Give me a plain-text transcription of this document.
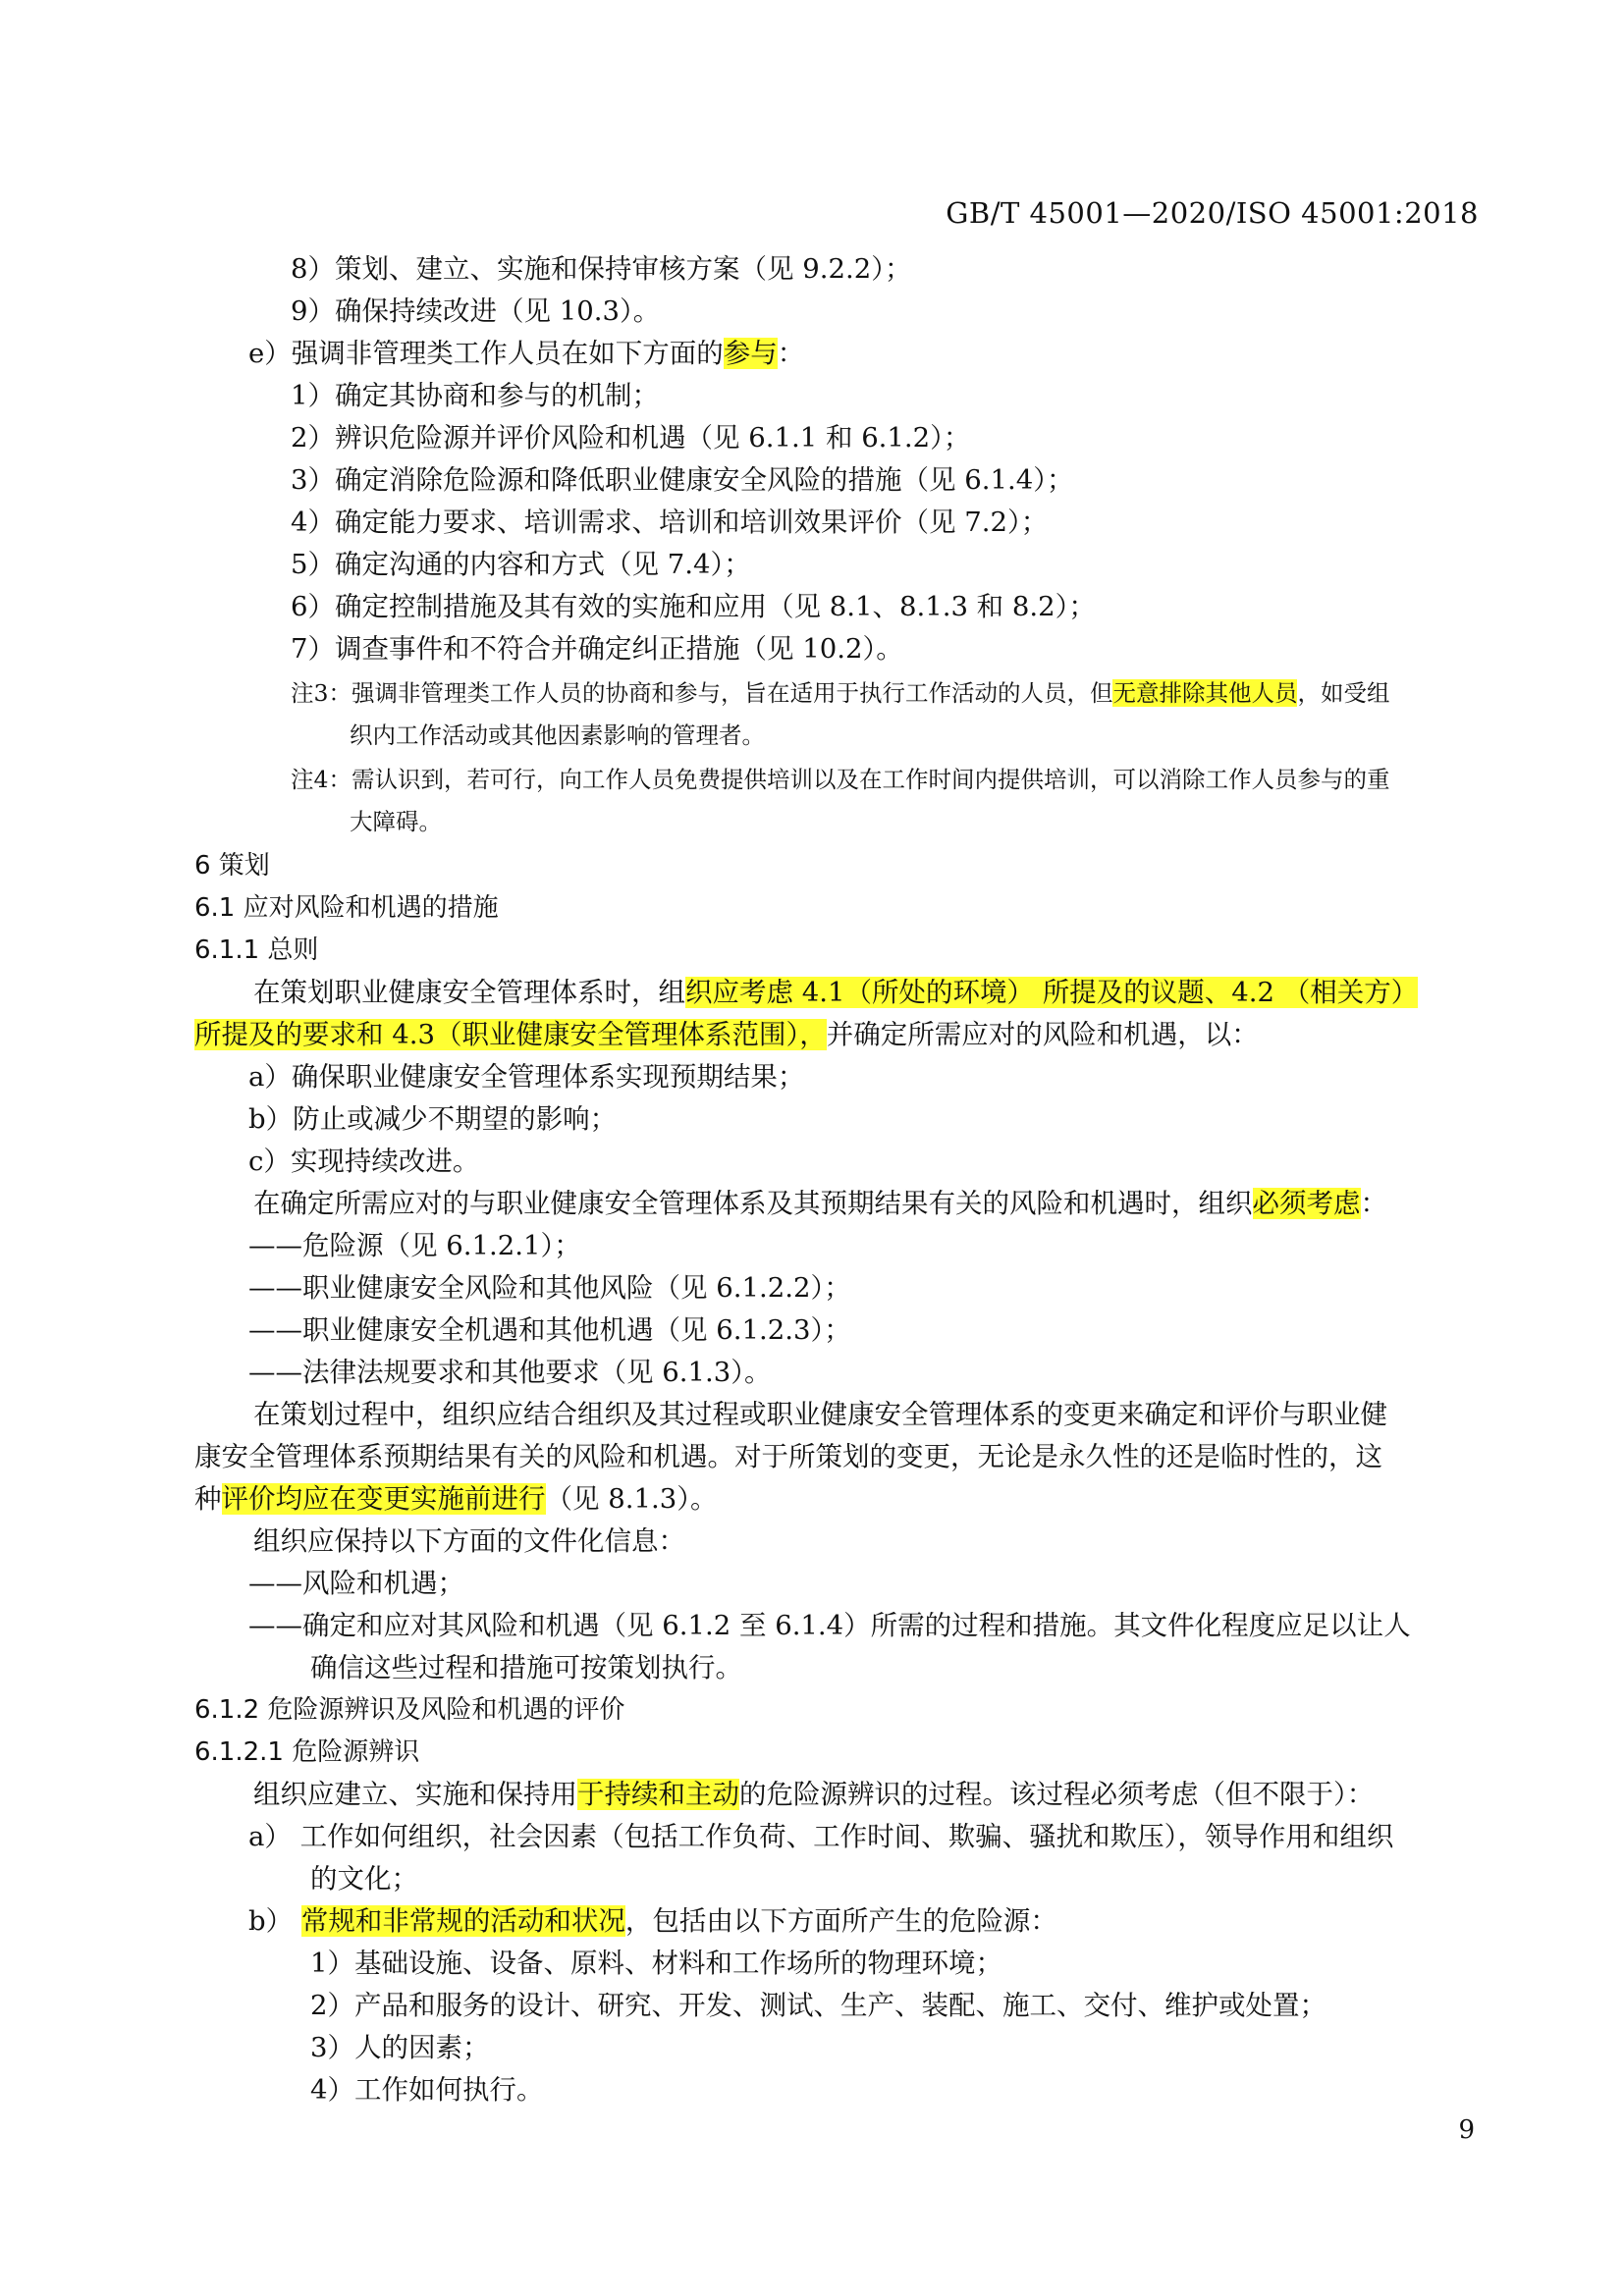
GB/T 45001—2020/ISO 45001:2018
8）策划、建立、实施和保持审核方案（见 9.2.2）；
9）确保持续改进（见 10.3）。
e）强调非管理类工作人员在如下方面的参与：
1）确定其协商和参与的机制；
2）辨识危险源并评价风险和机遇（见 6.1.1 和 6.1.2）；
3）确定消除危险源和降低职业健康安全风险的措施（见 6.1.4）；
4）确定能力要求、培训需求、培训和培训效果评价（见 7.2）；
5）确定沟通的内容和方式（见 7.4）；
6）确定控制措施及其有效的实施和应用（见 8.1、8.1.3 和 8.2）；
7）调查事件和不符合并确定纠正措施（见 10.2）。
注3：强调非管理类工作人员的协商和参与，旨在适用于执行工作活动的人员，但无意排除其他人员，如受组
织内工作活动或其他因素影响的管理者。
注4：需认识到，若可行，向工作人员免费提供培训以及在工作时间内提供培训，可以消除工作人员参与的重
大障碍。
6 策划
6.1 应对风险和机遇的措施
6.1.1 总则
在策划职业健康安全管理体系时，组织应考虑 4.1（所处的环境） 所提及的议题、4.2 （相关方）
所提及的要求和 4.3（职业健康安全管理体系范围），并确定所需应对的风险和机遇，以：
a）确保职业健康安全管理体系实现预期结果；
b）防止或减少不期望的影响；
c）实现持续改进。
在确定所需应对的与职业健康安全管理体系及其预期结果有关的风险和机遇时，组织必须考虑：
——危险源（见 6.1.2.1）；
——职业健康安全风险和其他风险（见 6.1.2.2）；
——职业健康安全机遇和其他机遇（见 6.1.2.3）；
——法律法规要求和其他要求（见 6.1.3）。
在策划过程中，组织应结合组织及其过程或职业健康安全管理体系的变更来确定和评价与职业健
康安全管理体系预期结果有关的风险和机遇。对于所策划的变更，无论是永久性的还是临时性的，这
种评价均应在变更实施前进行（见 8.1.3）。
组织应保持以下方面的文件化信息：
——风险和机遇；
——确定和应对其风险和机遇（见 6.1.2 至 6.1.4）所需的过程和措施。其文件化程度应足以让人
确信这些过程和措施可按策划执行。
6.1.2 危险源辨识及风险和机遇的评价
6.1.2.1 危险源辨识
组织应建立、实施和保持用于持续和主动的危险源辨识的过程。该过程必须考虑（但不限于）：
a） 工作如何组织，社会因素（包括工作负荷、工作时间、欺骗、骚扰和欺压），领导作用和组织
的文化；
b） 常规和非常规的活动和状况，包括由以下方面所产生的危险源：
1）基础设施、设备、原料、材料和工作场所的物理环境；
2）产品和服务的设计、研究、开发、测试、生产、装配、施工、交付、维护或处置；
3）人的因素；
4）工作如何执行。
9
